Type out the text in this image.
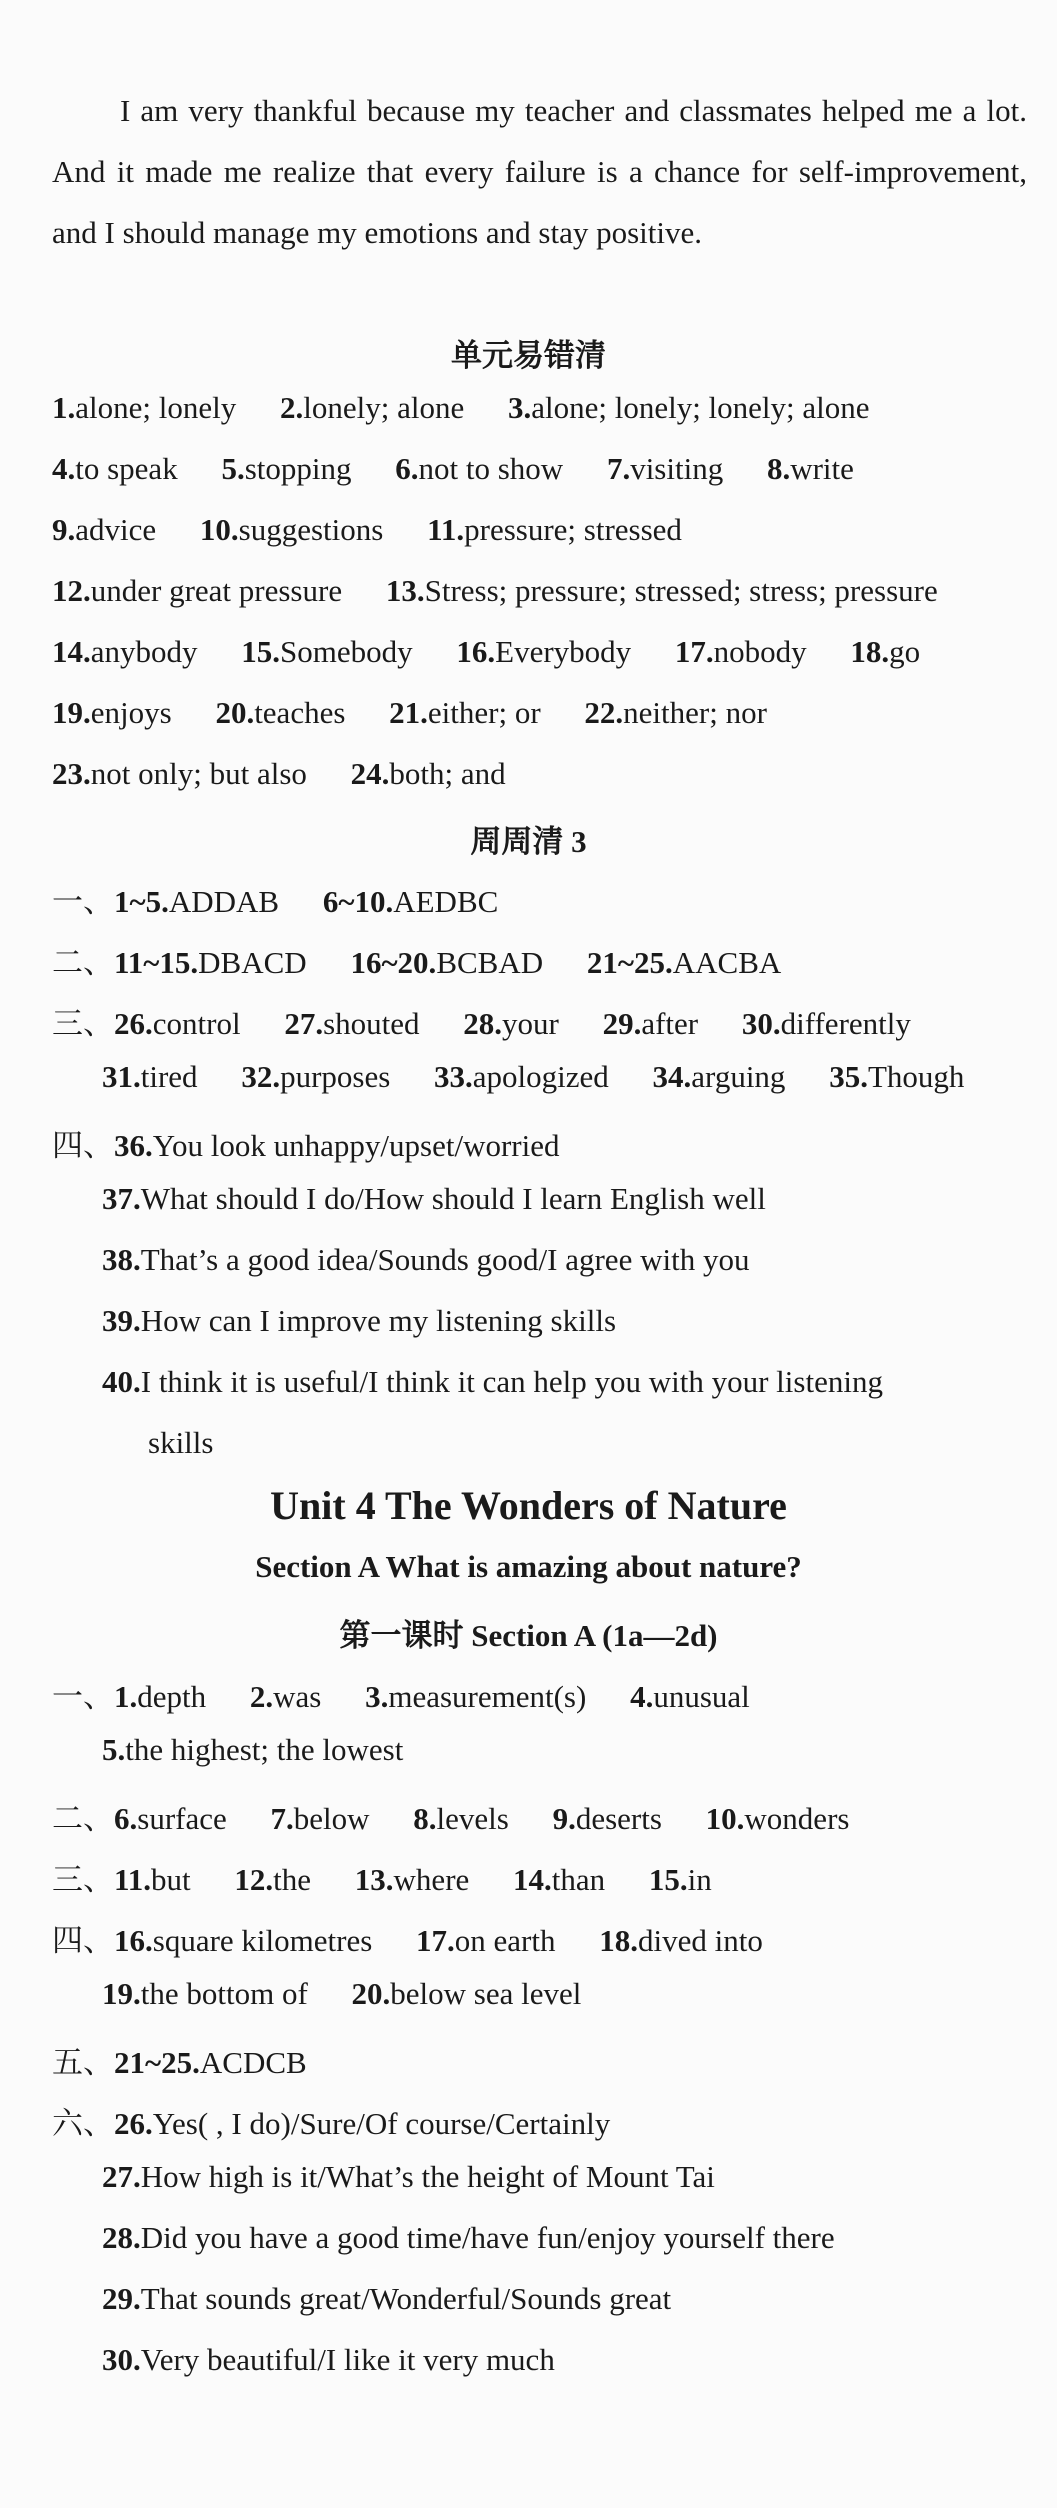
I am very thankful because my teacher and classmates helped me a lot. And it made me realize that every failure is a chance for self-improvement, and I should manage my emotions and stay positive.

单元易错清
1.alone; lonely 2.lonely; alone 3.alone; lonely; lonely; alone
4.to speak 5.stopping 6.not to show 7.visiting 8.write
9.advice 10.suggestions 11.pressure; stressed
12.under great pressure 13.Stress; pressure; stressed; stress; pressure
14.anybody 15.Somebody 16.Everybody 17.nobody 18.go
19.enjoys 20.teaches 21.either; or 22.neither; nor
23.not only; but also 24.both; and
周周清 3
一、1~5.ADDAB 6~10.AEDBC
二、11~15.DBACD 16~20.BCBAD 21~25.AACBA
三、26.control 27.shouted 28.your 29.after 30.differently
31.tired 32.purposes 33.apologized 34.arguing 35.Though
四、36.You look unhappy/upset/worried
37.What should I do/How should I learn English well
38.That’s a good idea/Sounds good/I agree with you
39.How can I improve my listening skills
40.I think it is useful/I think it can help you with your listening
skills
Unit 4 The Wonders of Nature
Section A What is amazing about nature?
第一课时 Section A (1a—2d)
一、1.depth 2.was 3.measurement(s) 4.unusual
5.the highest; the lowest
二、6.surface 7.below 8.levels 9.deserts 10.wonders
三、11.but 12.the 13.where 14.than 15.in
四、16.square kilometres 17.on earth 18.dived into
19.the bottom of 20.below sea level
五、21~25.ACDCB
六、26.Yes( , I do)/Sure/Of course/Certainly
27.How high is it/What’s the height of Mount Tai
28.Did you have a good time/have fun/enjoy yourself there
29.That sounds great/Wonderful/Sounds great
30.Very beautiful/I like it very much
